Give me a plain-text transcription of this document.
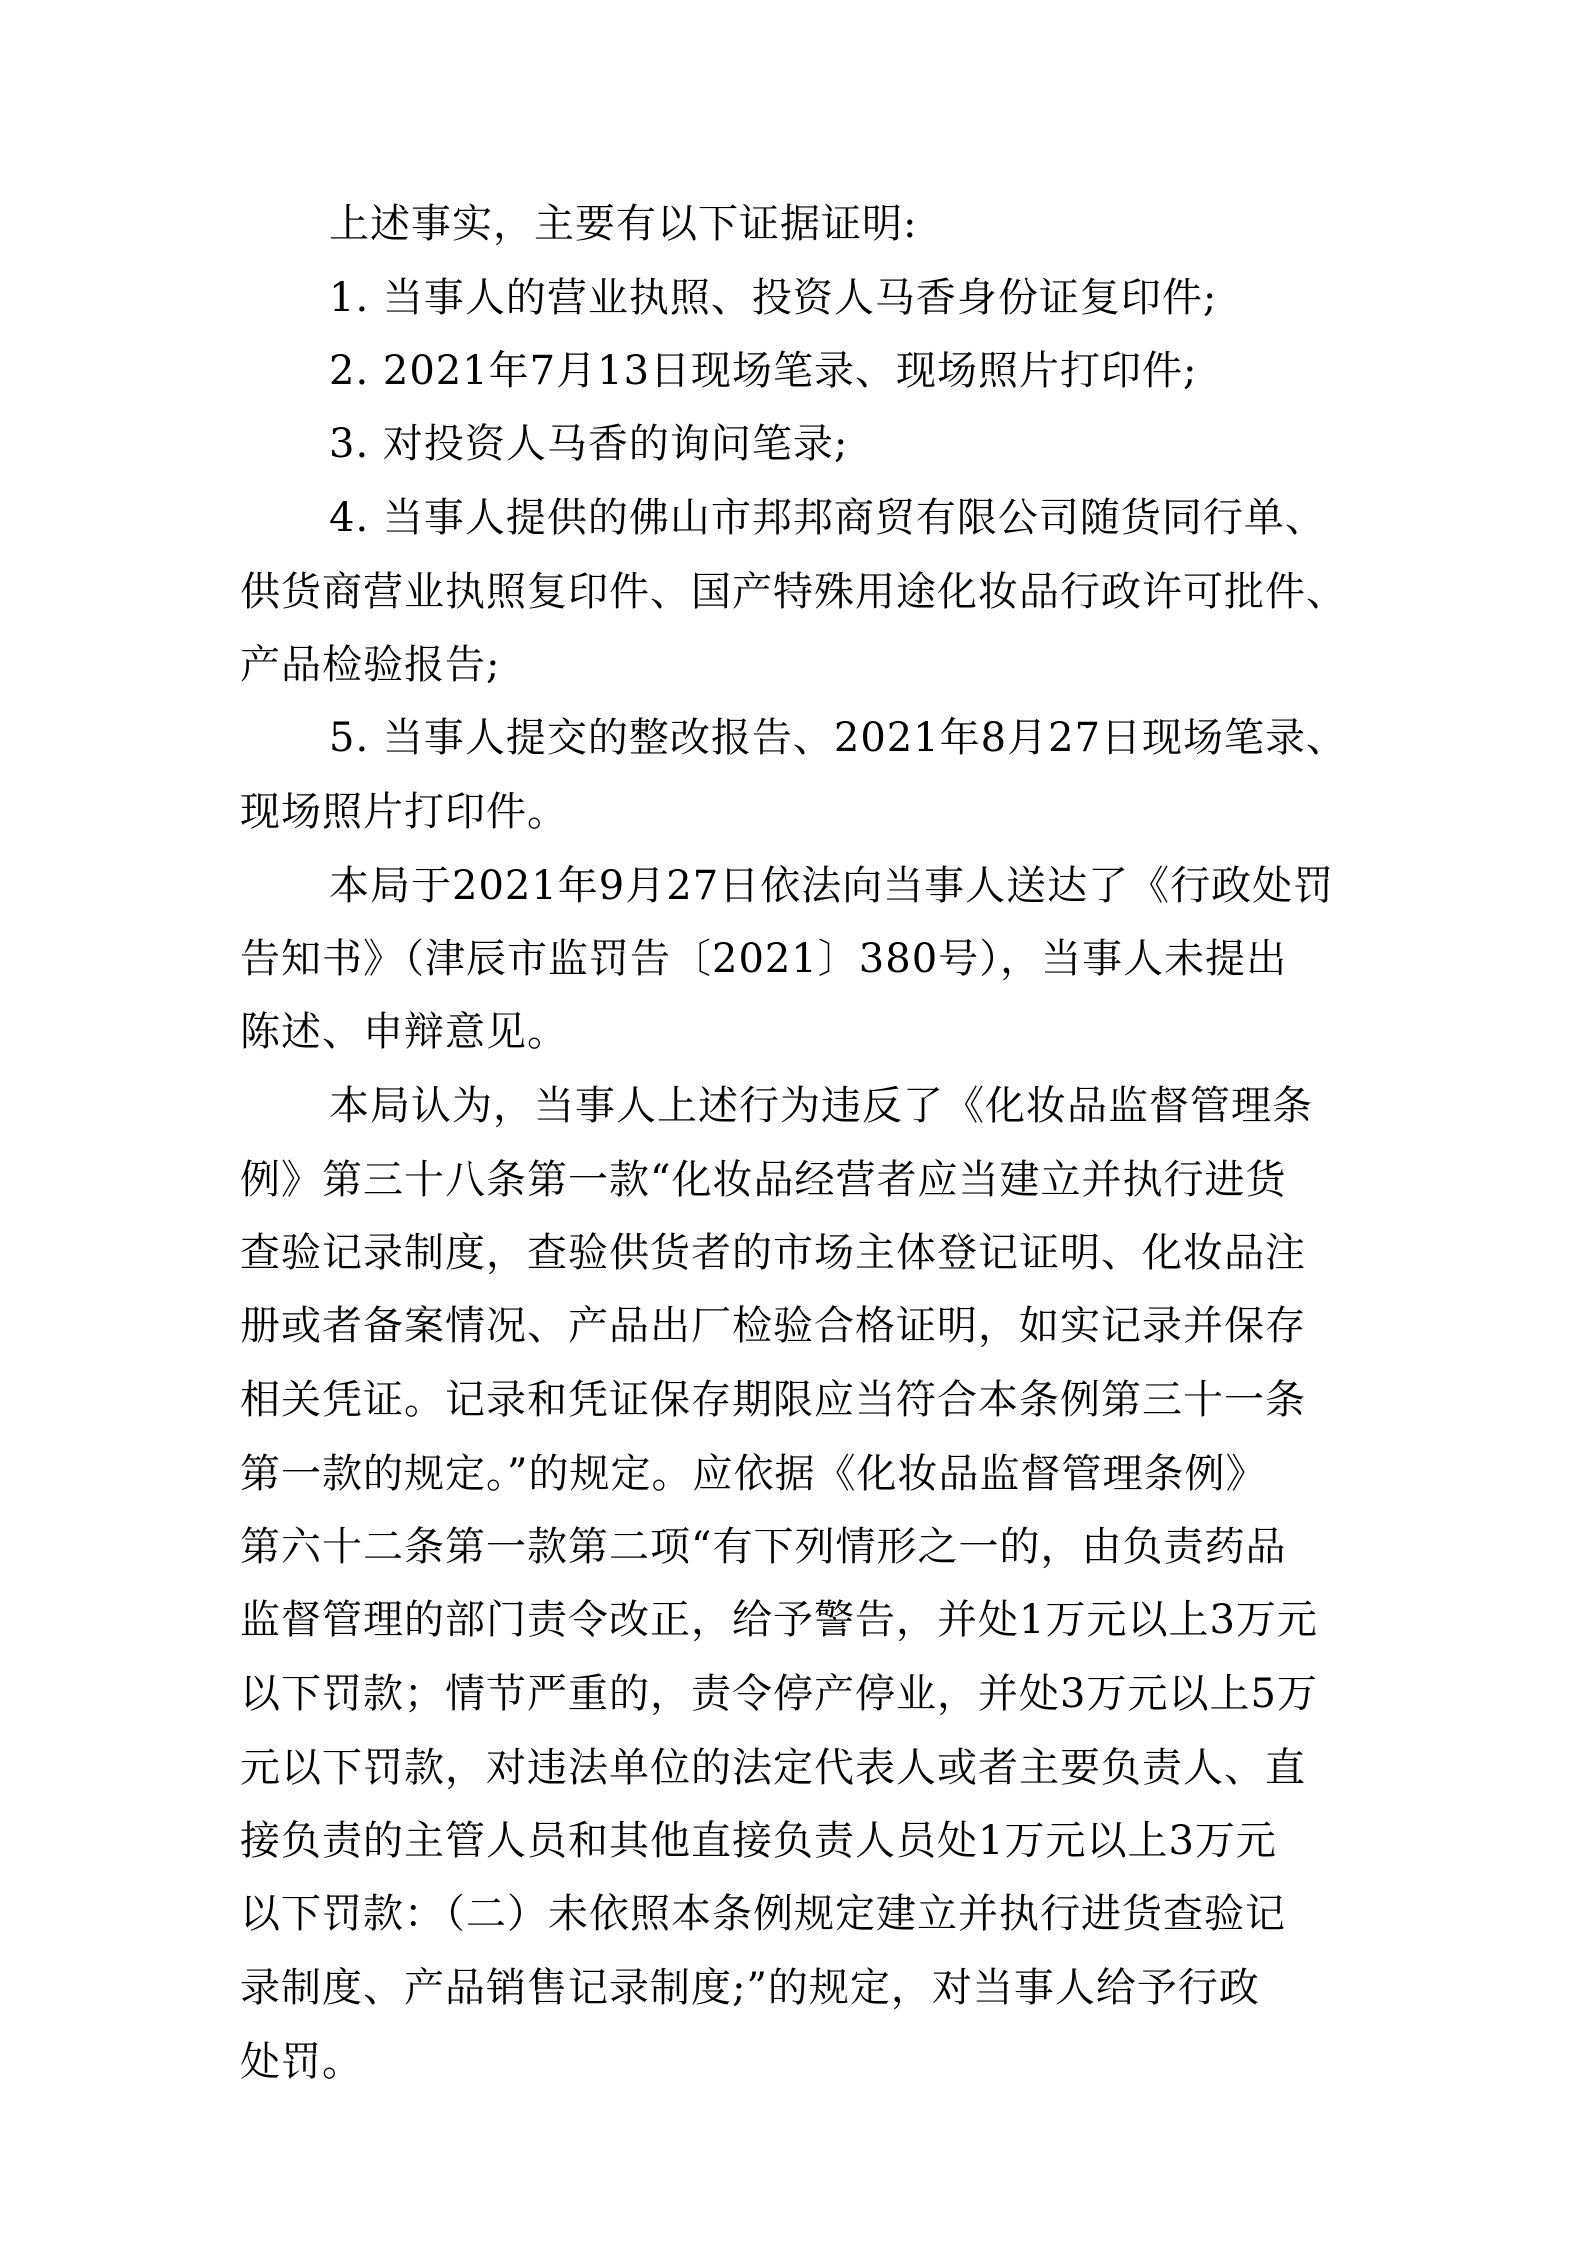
上述事实，主要有以下证据证明:
1. 当事人的营业执照、投资人马香身份证复印件;
2. 2021年7月13日现场笔录、现场照片打印件;
3. 对投资人马香的询问笔录;
4. 当事人提供的佛山市邦邦商贸有限公司随货同行单、
供货商营业执照复印件、国产特殊用途化妆品行政许可批件、
产品检验报告;
5. 当事人提交的整改报告、2021年8月27日现场笔录、
现场照片打印件。
本局于2021年9月27日依法向当事人送达了《行政处罚
告知书》（津辰市监罚告〔2021〕380号），当事人未提出
陈述、申辩意见。
本局认为，当事人上述行为违反了《化妆品监督管理条
例》第三十八条第一款“化妆品经营者应当建立并执行进货
查验记录制度，查验供货者的市场主体登记证明、化妆品注
册或者备案情况、产品出厂检验合格证明，如实记录并保存
相关凭证。记录和凭证保存期限应当符合本条例第三十一条
第一款的规定。”的规定。应依据《化妆品监督管理条例》
第六十二条第一款第二项“有下列情形之一的，由负责药品
监督管理的部门责令改正，给予警告，并处1万元以上3万元
以下罚款；情节严重的，责令停产停业，并处3万元以上5万
元以下罚款，对违法单位的法定代表人或者主要负责人、直
接负责的主管人员和其他直接负责人员处1万元以上3万元
以下罚款：（二）未依照本条例规定建立并执行进货查验记
录制度、产品销售记录制度;”的规定，对当事人给予行政
处罚。
